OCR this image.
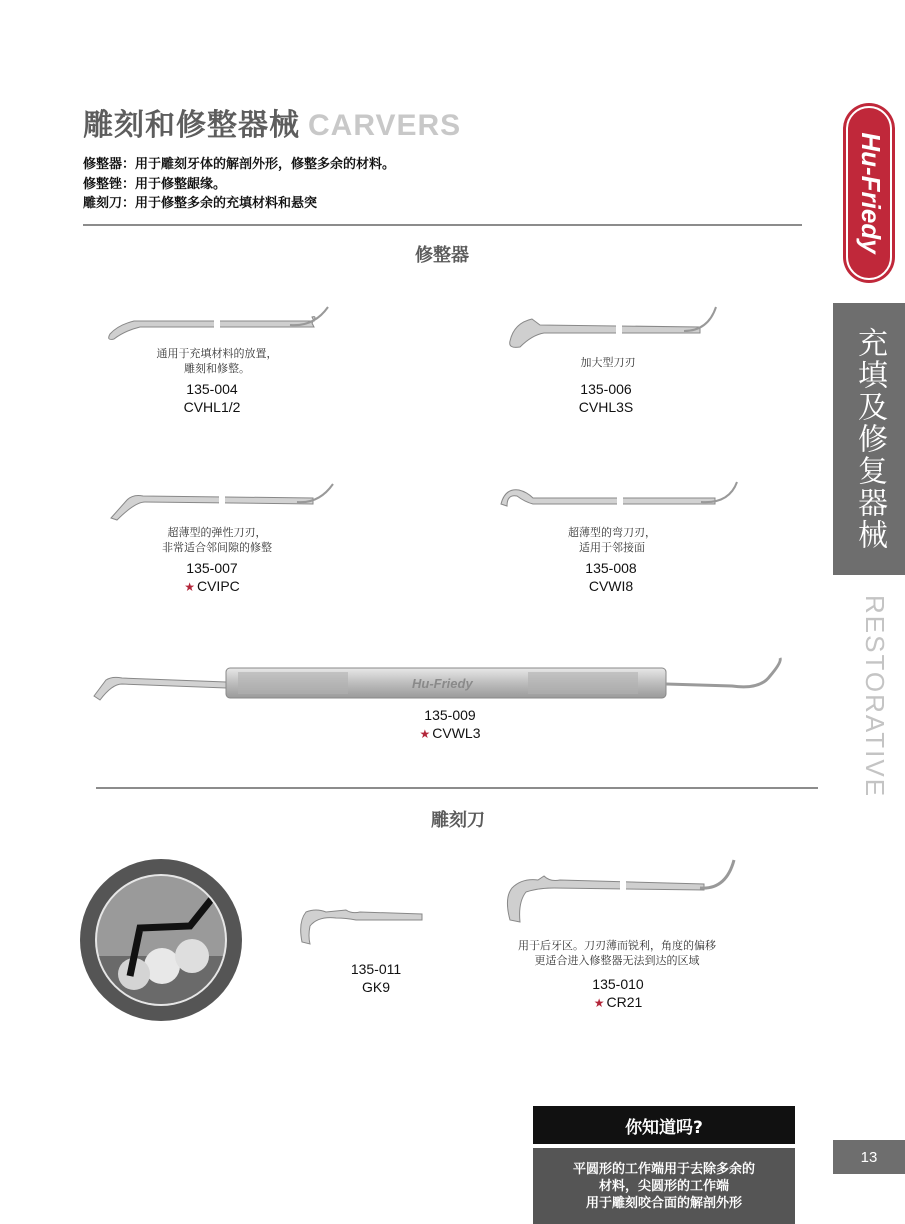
雕刻和修整器械 CARVERS
修整器：用于雕刻牙体的解剖外形，修整多余的材料。
修整锉：用于修整龈缘。
雕刻刀：用于修整多余的充填材料和悬突	Hu-Friedy
充填及修复器械
RESTORATIVE
修整器
通用于充填材料的放置，
雕刻和修整。
135-004
CVHL1/2
加大型刀刃
135-006
CVHL3S
超薄型的弹性刀刃，
非常适合邻间隙的修整
135-007
★ CVIPC
超薄型的弯刀刃，
适用于邻接面
135-008
CVWI8
Hu-Friedy
135-009
★ CVWL3
雕刻刀
135-011
GK9
用于后牙区。刀刃薄而锐利，角度的偏移
更适合进入修整器无法到达的区域
135-010
★ CR21
你知道吗?
平圆形的工作端用于去除多余的
材料，尖圆形的工作端
用于雕刻咬合面的解剖外形
13
